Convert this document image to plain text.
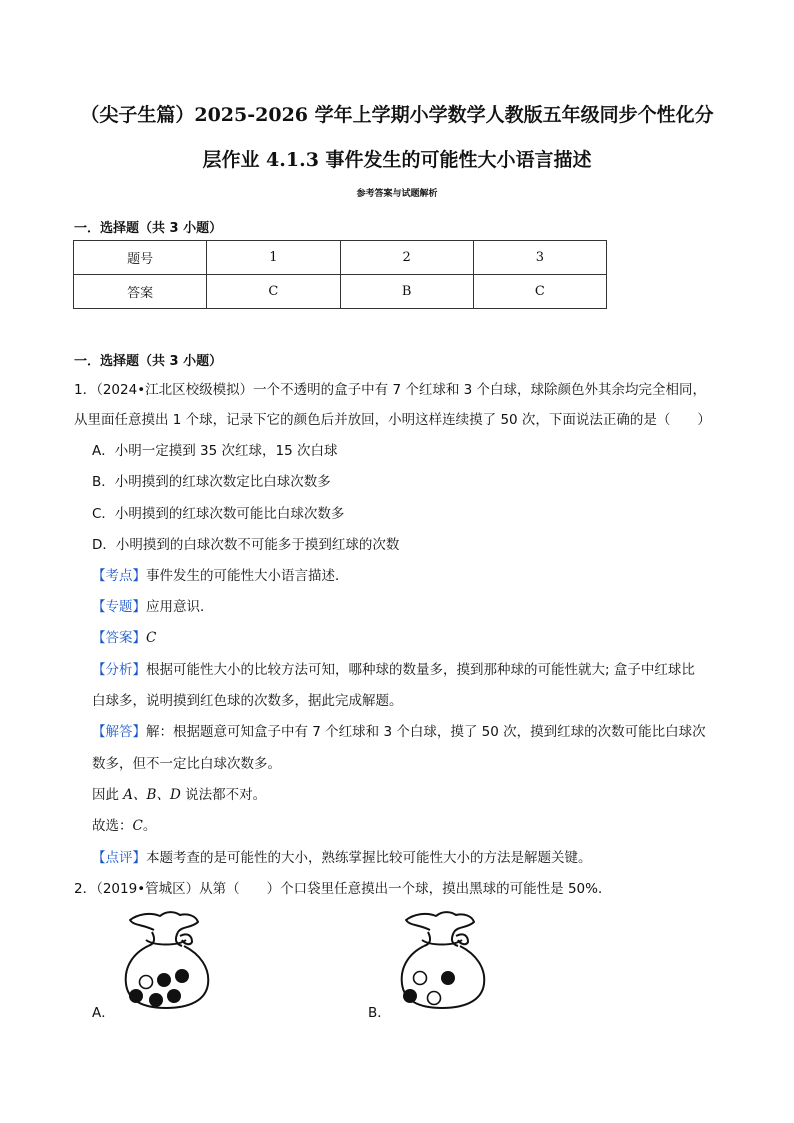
（尖子生篇）2025-2026 学年上学期小学数学人教版五年级同步个性化分
层作业 4.1.3 事件发生的可能性大小语言描述
参考答案与试题解析
一．选择题（共 3 小题）
题号	1	2	3
答案	C	B	C
一．选择题（共 3 小题）
1．（2024•江北区校级模拟）一个不透明的盒子中有 7 个红球和 3 个白球，球除颜色外其余均完全相同，
从里面任意摸出 1 个球，记录下它的颜色后并放回，小明这样连续摸了 50 次，下面说法正确的是（　　）
A．小明一定摸到 35 次红球，15 次白球
B．小明摸到的红球次数定比白球次数多
C．小明摸到的红球次数可能比白球次数多
D．小明摸到的白球次数不可能多于摸到红球的次数
【考点】事件发生的可能性大小语言描述．
【专题】应用意识．
【答案】C
【分析】根据可能性大小的比较方法可知，哪种球的数量多，摸到那种球的可能性就大; 盒子中红球比
白球多，说明摸到红色球的次数多，据此完成解题。
【解答】解：根据题意可知盒子中有 7 个红球和 3 个白球，摸了 50 次，摸到红球的次数可能比白球次
数多，但不一定比白球次数多。
因此 A、B、D 说法都不对。
故选：C。
【点评】本题考查的是可能性的大小，熟练掌握比较可能性大小的方法是解题关键。
2．（2019•管城区）从第（　　）个口袋里任意摸出一个球，摸出黑球的可能性是 50%．
A．	B．
